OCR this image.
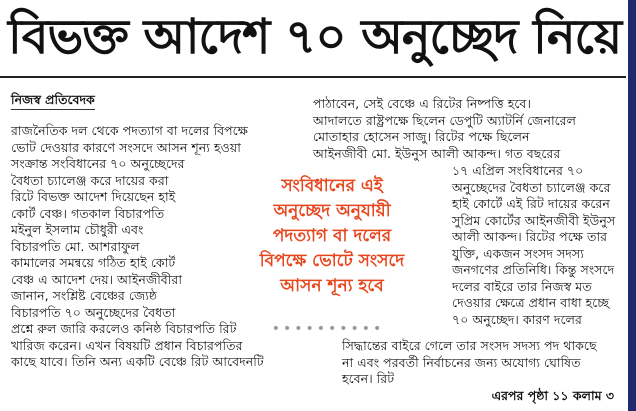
বিভক্ত আদেশ ৭০ অনুচ্ছেদ নিয়ে
নিজস্ব প্রতিবেদক
রাজনৈতিক দল থেকে পদত্যাগ বা দলের বিপক্ষে
ভোট দেওয়ার কারণে সংসদে আসন শূন্য হওয়া
সংক্রান্ত সংবিধানের ৭০ অনুচ্ছেদের
বৈধতা চ্যালেঞ্জ করে দায়ের করা
রিটে বিভক্ত আদেশ দিয়েছেন হাই
কোর্ট বেঞ্চ। গতকাল বিচারপতি
মইনুল ইসলাম চৌধুরী এবং
বিচারপতি মো. আশরাফুল
কামালের সমন্বয়ে গঠিত হাই কোর্ট
বেঞ্চ এ আদেশ দেয়। আইনজীবীরা
জানান, সংশ্লিষ্ট বেঞ্চের জ্যেষ্ঠ
বিচারপতি ৭০ অনুচ্ছেদের বৈধতা
প্রশ্নে রুল জারি করলেও কনিষ্ঠ বিচারপতি রিট
খারিজ করেন। এখন বিষয়টি প্রধান বিচারপতির
কাছে যাবে। তিনি অন্য একটি বেঞ্চে রিট আবেদনটি
পাঠাবেন, সেই বেঞ্চে এ রিটের নিষ্পত্তি হবে।
আদালতে রাষ্ট্রপক্ষে ছিলেন ডেপুটি অ্যাটর্নি জেনারেল
মোতাহার হোসেন সাজু। রিটের পক্ষে ছিলেন
আইনজীবী মো. ইউনুস আলী আকন্দ। গত বছরের
১৭ এপ্রিল সংবিধানের ৭০
অনুচ্ছেদের বৈধতা চ্যালেঞ্জ করে
হাই কোর্টে এই রিট দায়ের করেন
সুপ্রিম কোর্টের আইনজীবী ইউনুস
আলী আকন্দ। রিটের পক্ষে তার
যুক্তি, একজন সংসদ সদস্য
জনগণের প্রতিনিধি। কিন্তু সংসদে
দলের বাইরে তার নিজস্ব মত
দেওয়ার ক্ষেত্রে প্রধান বাধা হচ্ছে
৭০ অনুচ্ছেদ। কারণ দলের
সিদ্ধান্তের বাইরে গেলে তার সংসদ সদস্য পদ থাকছে
না এবং পরবর্তী নির্বাচনের জন্য অযোগ্য ঘোষিত
হবেন। রিট
সংবিধানের এই
অনুচ্ছেদ অনুযায়ী
পদত্যাগ বা দলের
বিপক্ষে ভোটে সংসদে
আসন শূন্য হবে
••••••••••
এরপর পৃষ্ঠা ১১ কলাম ৩
